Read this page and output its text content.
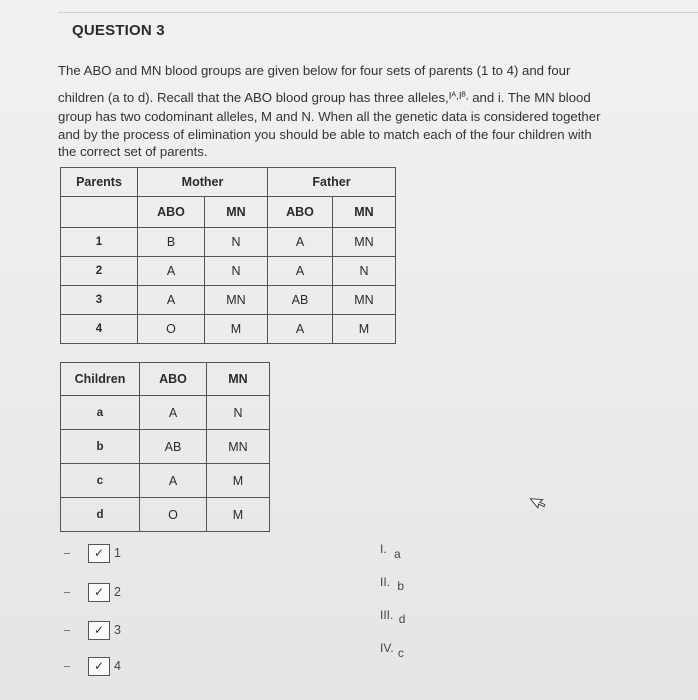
QUESTION 3

The ABO and MN blood groups are given below for four sets of parents (1 to 4) and four

children (a to d). Recall that the ABO blood group has three alleles,$^{Iᴬ,Iᴮ,}$ and i. The MN blood

group has two codominant alleles, M and N. When all the genetic data is considered together

and by the process of elimination you should be able to match each of the four children with

the correct set of parents.

Parents	Mother		Father	
	ABO	MN	ABO	MN
1	B	N	A	MN
2	A	N	A	N
3	A	MN	AB	MN
4	O	M	A	M
Children	ABO	MN
a	A	N
b	AB	MN
c	A	M
d	O	M
✓ 1
✓ 2
✓ 3
✓ 4
I. a
II. b
III. d
IV. c
